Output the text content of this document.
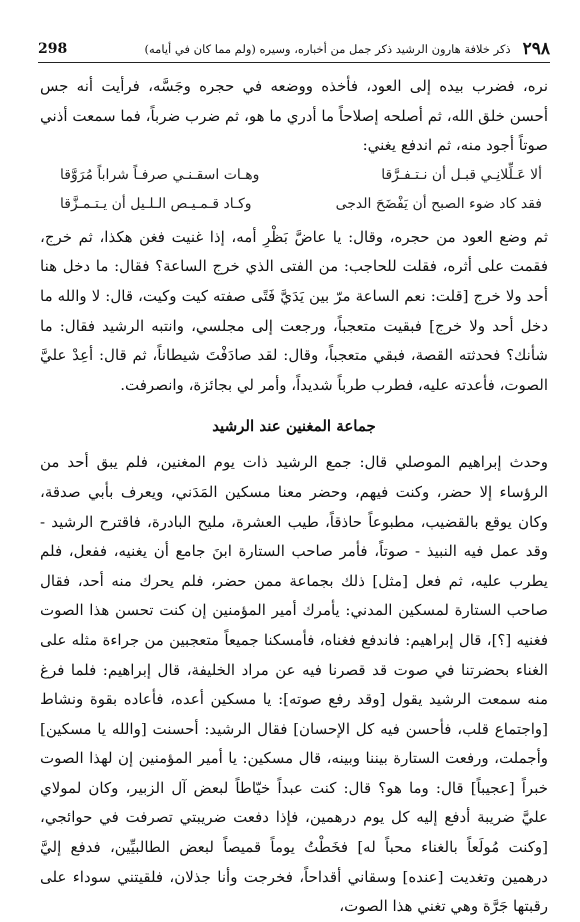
298	٢٩٨
ذكر خلافة هارون الرشيد ذكر جمل من أخباره، وسيره (ولم مما كان في أيامه)

نره، فضرب بيده إلى العود، فأخذه ووضعه في حجره وجَسَّه، فرأيت أنه جس أحسن خلق الله، ثم أصلحه إصلاحاً ما أدري ما هو، ثم ضرب ضرباً، فما سمعت أذني صوتاً أجود منه، ثم اندفع يغني:

ألا عَـلِّلانِـي قبـل أن نـتـفـرَّقا
وهـات اسقـنـي صرفـاً شراباً مُرَوَّقا
فقد كاد ضوء الصبح أن يَفْضَحَ الدجى
وكـاد قـمـيـص الـلـيل أن يـتـمـزَّقا

ثم وضع العود من حجره، وقال: يا عاضَّ بَظْرِ أمه، إذا غنيت فغن هكذا، ثم خرج، فقمت على أثره، فقلت للحاجب: من الفتى الذي خرج الساعة؟ فقال: ما دخل هنا أحد ولا خرج [قلت: نعم الساعة مرّ بين يَدَيَّ فَتًى صفته كيت وكيت، قال: لا والله ما دخل أحد ولا خرج] فبقيت متعجباً، ورجعت إلى مجلسي، وانتبه الرشيد فقال: ما شأنك؟ فحدثته القصة، فبقي متعجباً، وقال: لقد صادَفْتَ شيطاناً، ثم قال: أعِدْ عليَّ الصوت، فأعدته عليه، فطرب طرباً شديداً، وأمر لي بجائزة، وانصرفت.

جماعة المغنين عند الرشيد

وحدث إبراهيم الموصلي قال: جمع الرشيد ذات يوم المغنين، فلم يبق أحد من الرؤساء إلا حضر، وكنت فيهم، وحضر معنا مسكين المَدَني، ويعرف بأبي صدقة، وكان يوقع بالقضيب، مطبوعاً حاذقاً، طيب العشرة، مليح البادرة، فاقترح الرشيد - وقد عمل فيه النبيذ - صوتاً، فأمر صاحب الستارة ابنَ جامع أن يغنيه، ففعل، فلم يطرب عليه، ثم فعل [مثل] ذلك بجماعة ممن حضر، فلم يحرك منه أحد، فقال صاحب الستارة لمسكين المدني: يأمرك أمير المؤمنين إن كنت تحسن هذا الصوت فغنيه [؟]، قال إبراهيم: فاندفع فغناه، فأمسكنا جميعاً متعجبين من جراءة مثله على الغناء بحضرتنا في صوت قد قصرنا فيه عن مراد الخليفة، قال إبراهيم: فلما فرغ منه سمعت الرشيد يقول [وقد رفع صوته]: يا مسكين أعده، فأعاده بقوة ونشاط [واجتماع قلب، فأحسن فيه كل الإحسان] فقال الرشيد: أحسنت [والله يا مسكين] وأجملت، ورفعت الستارة بيننا وبينه، قال مسكين: يا أمير المؤمنين إن لهذا الصوت خبراً [عجيباً] قال: وما هو؟ قال: كنت عبداً خيّاطاً لبعض آل الزبير، وكان لمولاي عليَّ ضريبة أدفع إليه كل يوم درهمين، فإذا دفعت ضريبتي تصرفت في حوائجي، [وكنت مُولَعاً بالغناء محباً له] فخَطْتُ يوماً قميصاً لبعض الطالبيِّين، فدفع إليَّ درهمين وتغديت [عنده] وسقاني أقداحاً، فخرجت وأنا جذلان، فلقيتني سوداء على رقبتها جَرَّة وهي تغني هذا الصوت،
